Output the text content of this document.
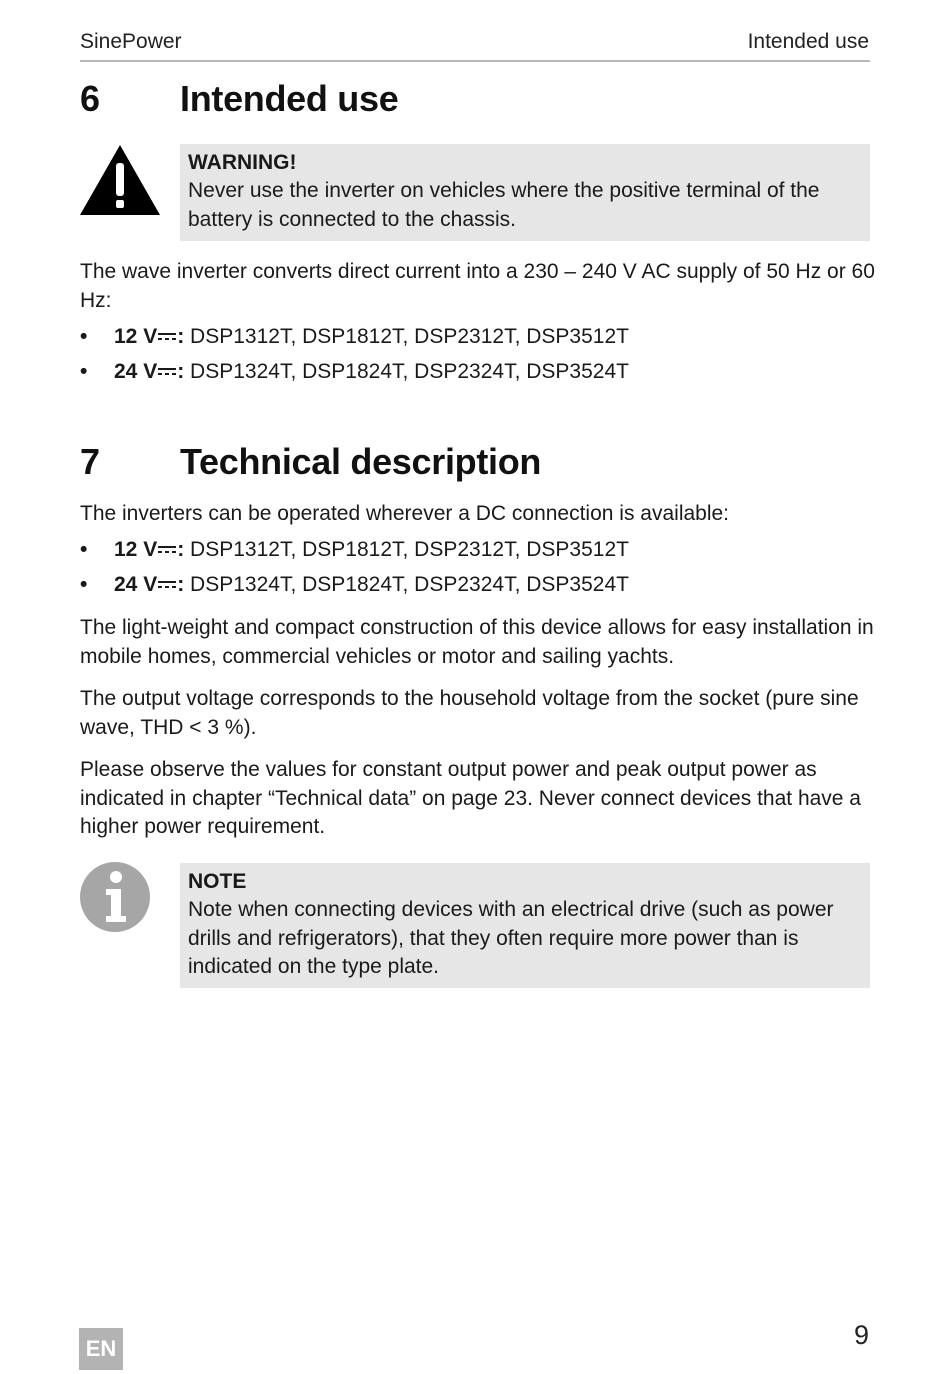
SinePower	Intended use
6 Intended use
WARNING!
Never use the inverter on vehicles where the positive terminal of the battery is connected to the chassis.
The wave inverter converts direct current into a 230 – 240 V AC supply of 50 Hz or 60 Hz:
• 12 V : DSP1312T, DSP1812T, DSP2312T, DSP3512T
• 24 V : DSP1324T, DSP1824T, DSP2324T, DSP3524T
7 Technical description
The inverters can be operated wherever a DC connection is available:
• 12 V : DSP1312T, DSP1812T, DSP2312T, DSP3512T
• 24 V : DSP1324T, DSP1824T, DSP2324T, DSP3524T
The light-weight and compact construction of this device allows for easy installation in mobile homes, commercial vehicles or motor and sailing yachts.
The output voltage corresponds to the household voltage from the socket (pure sine wave, THD < 3 %).
Please observe the values for constant output power and peak output power as indicated in chapter “Technical data” on page 23. Never connect devices that have a higher power requirement.
NOTE
Note when connecting devices with an electrical drive (such as power drills and refrigerators), that they often require more power than is indicated on the type plate.
EN	9
